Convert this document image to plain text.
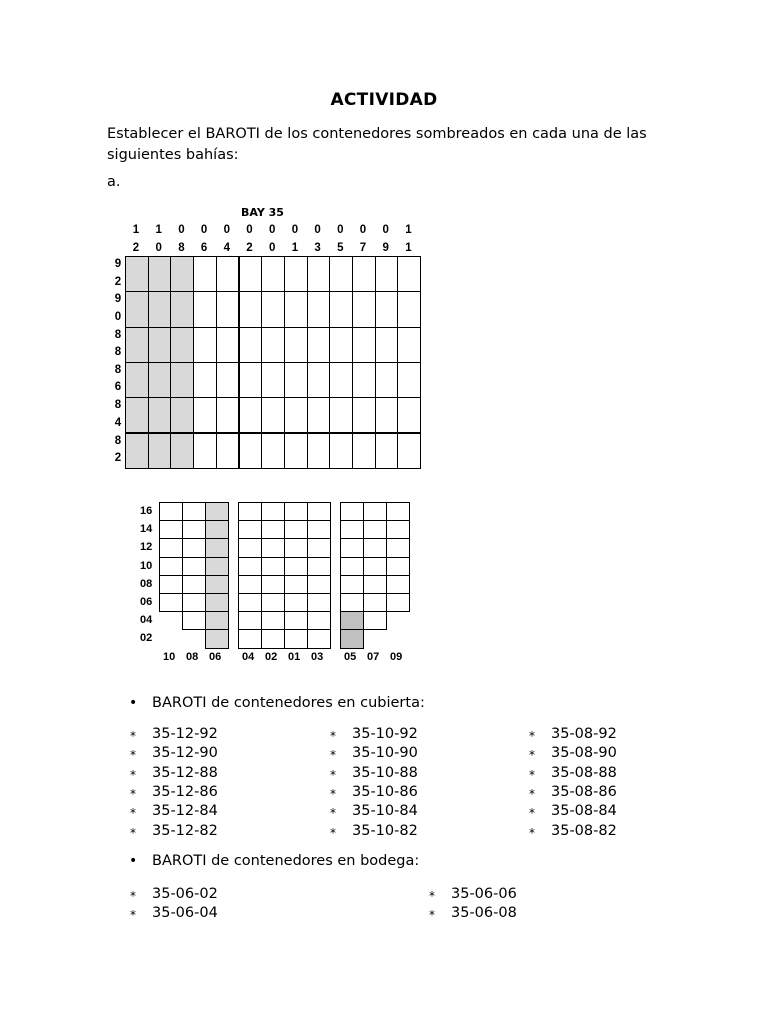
ACTIVIDAD
Establecer el BAROTI de los contenedores sombreados en cada una de las siguientes bahías:
a.
BAY 35
1
2
1
0
0
8
0
6
0
4
0
2
0
0
0
1
0
3
0
5
0
7
0
9
1
1
9
2
9
0
8
8
8
6
8
4
8
2
16
14
12
10
08
06
04
02
10 08 06 04 02 01 03 05 07 09
• BAROTI de contenedores en cubierta:
* 35-12-92
* 35-12-90
* 35-12-88
* 35-12-86
* 35-12-84
* 35-12-82
* 35-10-92
* 35-10-90
* 35-10-88
* 35-10-86
* 35-10-84
* 35-10-82
* 35-08-92
* 35-08-90
* 35-08-88
* 35-08-86
* 35-08-84
* 35-08-82
• BAROTI de contenedores en bodega:
* 35-06-02
* 35-06-04
* 35-06-06
* 35-06-08
